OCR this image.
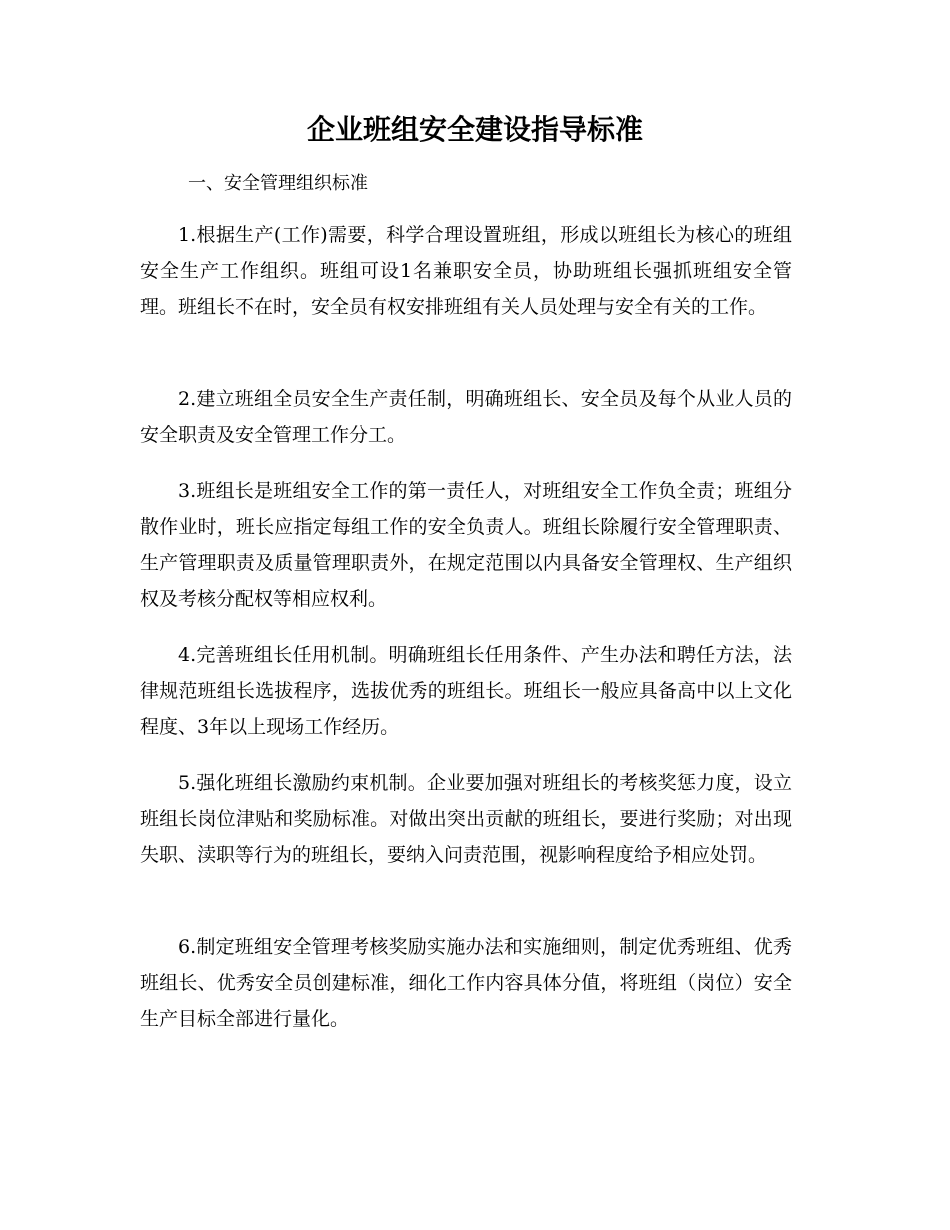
企业班组安全建设指导标准

一、安全管理组织标准

1.根据生产(工作)需要，科学合理设置班组，形成以班组长为核心的班组安全生产工作组织。班组可设1名兼职安全员，协助班组长强抓班组安全管理。班组长不在时，安全员有权安排班组有关人员处理与安全有关的工作。

2.建立班组全员安全生产责任制，明确班组长、安全员及每个从业人员的安全职责及安全管理工作分工。

3.班组长是班组安全工作的第一责任人，对班组安全工作负全责；班组分散作业时，班长应指定每组工作的安全负责人。班组长除履行安全管理职责、生产管理职责及质量管理职责外，在规定范围以内具备安全管理权、生产组织权及考核分配权等相应权利。

4.完善班组长任用机制。明确班组长任用条件、产生办法和聘任方法，法律规范班组长选拔程序，选拔优秀的班组长。班组长一般应具备高中以上文化程度、3年以上现场工作经历。

5.强化班组长激励约束机制。企业要加强对班组长的考核奖惩力度，设立班组长岗位津贴和奖励标准。对做出突出贡献的班组长，要进行奖励；对出现失职、渎职等行为的班组长，要纳入问责范围，视影响程度给予相应处罚。

6.制定班组安全管理考核奖励实施办法和实施细则，制定优秀班组、优秀班组长、优秀安全员创建标准，细化工作内容具体分值，将班组（岗位）安全生产目标全部进行量化。
